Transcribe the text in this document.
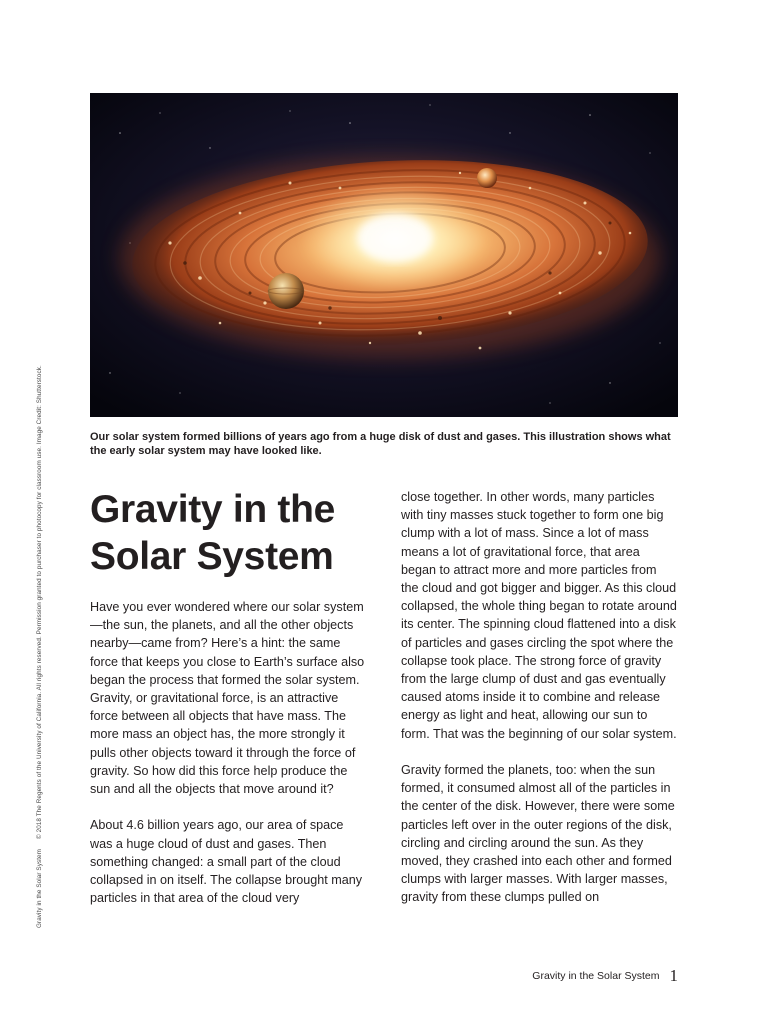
Gravity in the Solar System© 2018 The Regents of the University of California. All rights reserved. Permission granted to purchaser to photocopy for classroom use. Image Credit: Shutterstock.	Our solar system formed billions of years ago from a huge disk of dust and gases. This illustration shows what the early solar system may have looked like.
Gravity in the Solar System

Have you ever wondered where our solar system—the sun, the planets, and all the other objects nearby—came from? Here’s a hint: the same force that keeps you close to Earth’s surface also began the process that formed the solar system. Gravity, or gravitational force, is an attractive force between all objects that have mass. The more mass an object has, the more strongly it pulls other objects toward it through the force of gravity. So how did this force help produce the sun and all the objects that move around it?

About 4.6 billion years ago, our area of space was a huge cloud of dust and gases. Then something changed: a small part of the cloud collapsed in on itself. The collapse brought many particles in that area of the cloud very

close together. In other words, many particles with tiny masses stuck together to form one big clump with a lot of mass. Since a lot of mass means a lot of gravitational force, that area began to attract more and more particles from the cloud and got bigger and bigger. As this cloud collapsed, the whole thing began to rotate around its center. The spinning cloud flattened into a disk of particles and gases circling the spot where the collapse took place. The strong force of gravity from the large clump of dust and gas eventually caused atoms inside it to combine and release energy as light and heat, allowing our sun to form. That was the beginning of our solar system.

Gravity formed the planets, too: when the sun formed, it consumed almost all of the particles in the center of the disk. However, there were some particles left over in the outer regions of the disk, circling and circling around the sun. As they moved, they crashed into each other and formed clumps with larger masses. With larger masses, gravity from these clumps pulled on

Gravity in the Solar System 1
